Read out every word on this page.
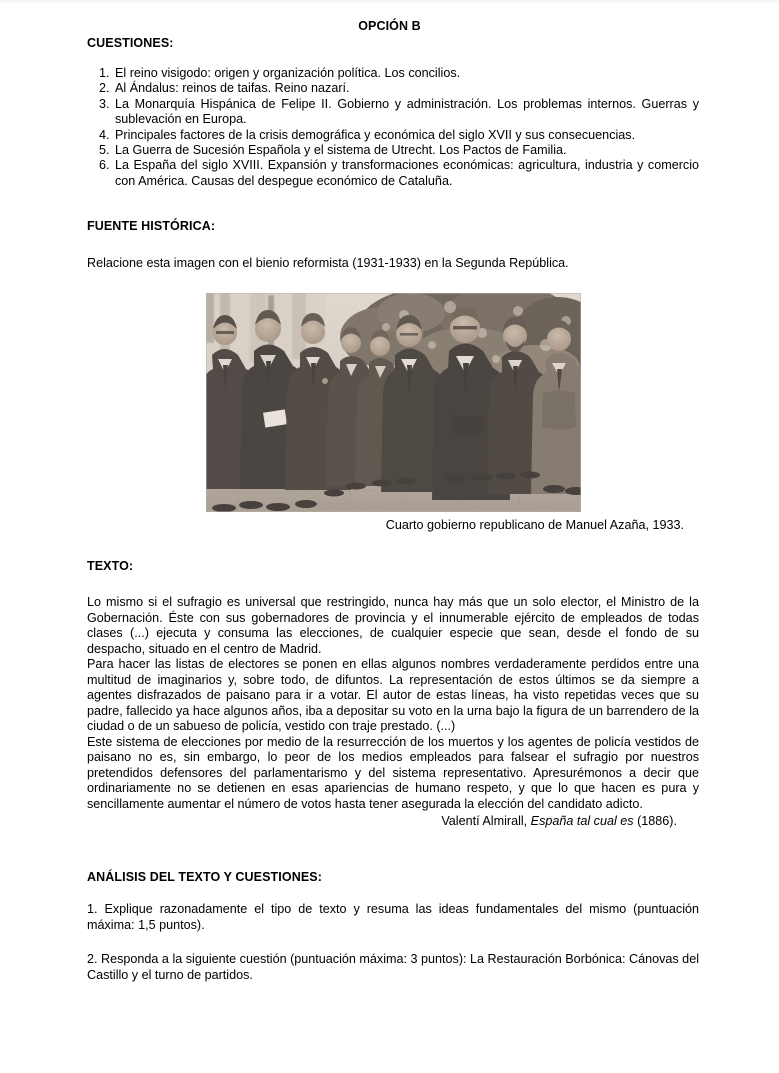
OPCIÓN B
CUESTIONES:
1. El reino visigodo: origen y organización política. Los concilios.
2. Al Ándalus: reinos de taifas. Reino nazarí.
3. La Monarquía Hispánica de Felipe II. Gobierno y administración. Los problemas internos. Guerras y sublevación en Europa.
4. Principales factores de la crisis demográfica y económica del siglo XVII y sus consecuencias.
5. La Guerra de Sucesión Española y el sistema de Utrecht. Los Pactos de Familia.
6. La España del siglo XVIII. Expansión y transformaciones económicas: agricultura, industria y comercio con América. Causas del despegue económico de Cataluña.
FUENTE HISTÓRICA:
Relacione esta imagen con el bienio reformista (1931-1933) en la Segunda República.
Cuarto gobierno republicano de Manuel Azaña, 1933.
TEXTO:

Lo mismo si el sufragio es universal que restringido, nunca hay más que un solo elector, el Ministro de la Gobernación. Éste con sus gobernadores de provincia y el innumerable ejército de empleados de todas clases (...) ejecuta y consuma las elecciones, de cualquier especie que sean, desde el fondo de su despacho, situado en el centro de Madrid.

Para hacer las listas de electores se ponen en ellas algunos nombres verdaderamente perdidos entre una multitud de imaginarios y, sobre todo, de difuntos. La representación de estos últimos se da siempre a agentes disfrazados de paisano para ir a votar. El autor de estas líneas, ha visto repetidas veces que su padre, fallecido ya hace algunos años, iba a depositar su voto en la urna bajo la figura de un barrendero de la ciudad o de un sabueso de policía, vestido con traje prestado. (...)

Este sistema de elecciones por medio de la resurrección de los muertos y los agentes de policía vestidos de paisano no es, sin embargo, lo peor de los medios empleados para falsear el sufragio por nuestros pretendidos defensores del parlamentarismo y del sistema representativo. Apresurémonos a decir que ordinariamente no se detienen en esas apariencias de humano respeto, y que lo que hacen es pura y sencillamente aumentar el número de votos hasta tener asegurada la elección del candidato adicto.

Valentí Almirall, España tal cual es (1886).
ANÁLISIS DEL TEXTO Y CUESTIONES:

1. Explique razonadamente el tipo de texto y resuma las ideas fundamentales del mismo (puntuación máxima: 1,5 puntos).

2. Responda a la siguiente cuestión (puntuación máxima: 3 puntos): La Restauración Borbónica: Cánovas del Castillo y el turno de partidos.
